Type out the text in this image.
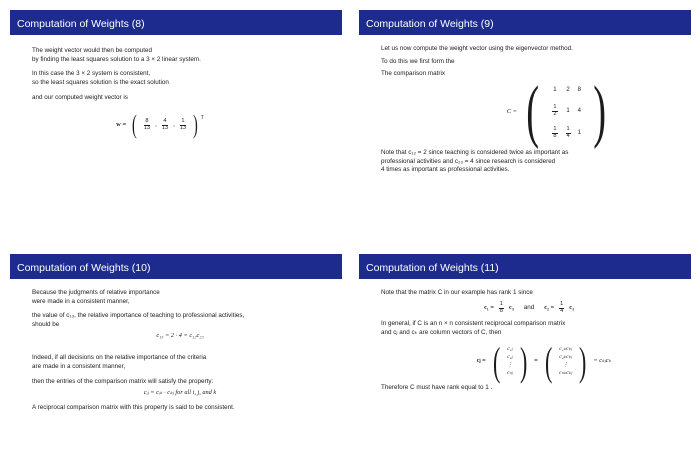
Computation of Weights (8)

The weight vector would then be computed
by finding the least squares solution to a 3 × 2 linear system.

In this case the 3 × 2 system is consistent,
so the least squares solution is the exact solution

and our computed weight vector is

w = ( 8
13 ,
4
13 ,
1
13 ) $^T$
Computation of Weights (9)

Let us now compute the weight vector using the eigenvector method.

To do this we first form the

The comparison matrix

C = ( 1	2	8

$\frac{1}{2}$	1	4

$\frac{1}{8}$	$\frac{1}{4}$	1 )

Note that c₁₂ = 2 since teaching is considered twice as important as
professional activities and c₂₃ = 4 since research is considered
4 times as important as professional activities.

Computation of Weights (10)

Because the judgments of relative importance
were made in a consistent manner,

the value of c₁₃, the relative importance of teaching to professional activities,
should be

c₁₃ = 2 · 4 = c₁₂c₂₃

Indeed, if all decisions on the relative importance of the criteria
are made in a consistent manner,

then the entries of the comparison matrix will satisfy the property:

cᵢⱼ = cᵢₖ · cₖⱼ for all i, j, and k

A reciprocal comparison matrix with this property is said to be consistent.

Computation of Weights (11)

Note that the matrix C in our example has rank 1 since

$c_1 = \frac{1}{8} c_3$ and $c_2 = \frac{1}{4} c_3$

In general, if C is an n × n consistent reciprocal comparison matrix
and cⱼ and cₖ are column vectors of C, then

cⱼ = ( c₁ⱼ
c₂ⱼ
⋮
cₙⱼ ) = ( c₁ₖcₖⱼ
c₂ₖcₖⱼ
⋮
cₙₖcₖⱼ ) = cₖⱼcₖ

Therefore C must have rank equal to 1 .
